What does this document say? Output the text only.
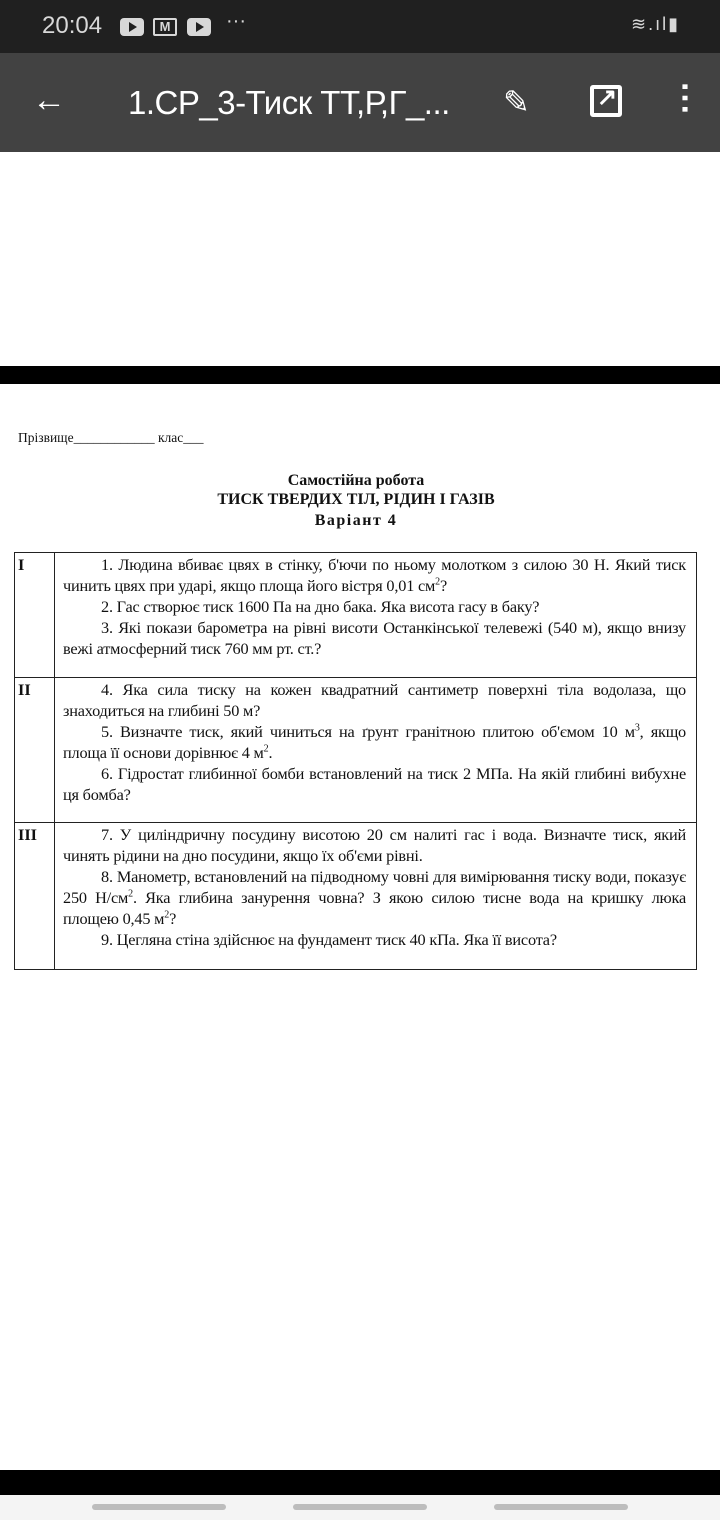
20:04	M	···	≋.ıl▮
← 1.СР_3-Тиск ТТ,Р,Г_... ✎ ↗	⋯
Прізвище____________ клас___
Самостійна робота
ТИСК ТВЕРДИХ ТІЛ, РІДИН І ГАЗІВ
Варіант 4
I	1. Людина вбиває цвях в стінку, б'ючи по ньому молотком з силою 30 Н. Який тиск чинить цвях при ударі, якщо площа його вістря 0,01 $см^2$?

2. Гас створює тиск 1600 Па на дно бака. Яка висота гасу в баку?

3. Які покази барометра на рівні висоти Останкінської телевежі (540 м), якщо внизу вежі атмосферний тиск 760 мм рт. ст.?

II	4. Яка сила тиску на кожен квадратний сантиметр поверхні тіла водолаза, що знаходиться на глибині 50 м?

5. Визначте тиск, який чиниться на ґрунт гранітною плитою об'ємом 10 $м^3$, якщо площа її основи дорівнює 4 $м^2$.

6. Гідростат глибинної бомби встановлений на тиск 2 МПа. На якій глибині вибухне ця бомба?

III	7. У циліндричну посудину висотою 20 см налиті гас і вода. Визначте тиск, який чинять рідини на дно посудини, якщо їх об'єми рівні.

8. Манометр, встановлений на підводному човні для вимірювання тиску води, показує 250 $Н/см^2$. Яка глибина занурення човна? З якою силою тисне вода на кришку люка площею 0,45 $м^2$?

9. Цегляна стіна здійснює на фундамент тиск 40 кПа. Яка її висота?
